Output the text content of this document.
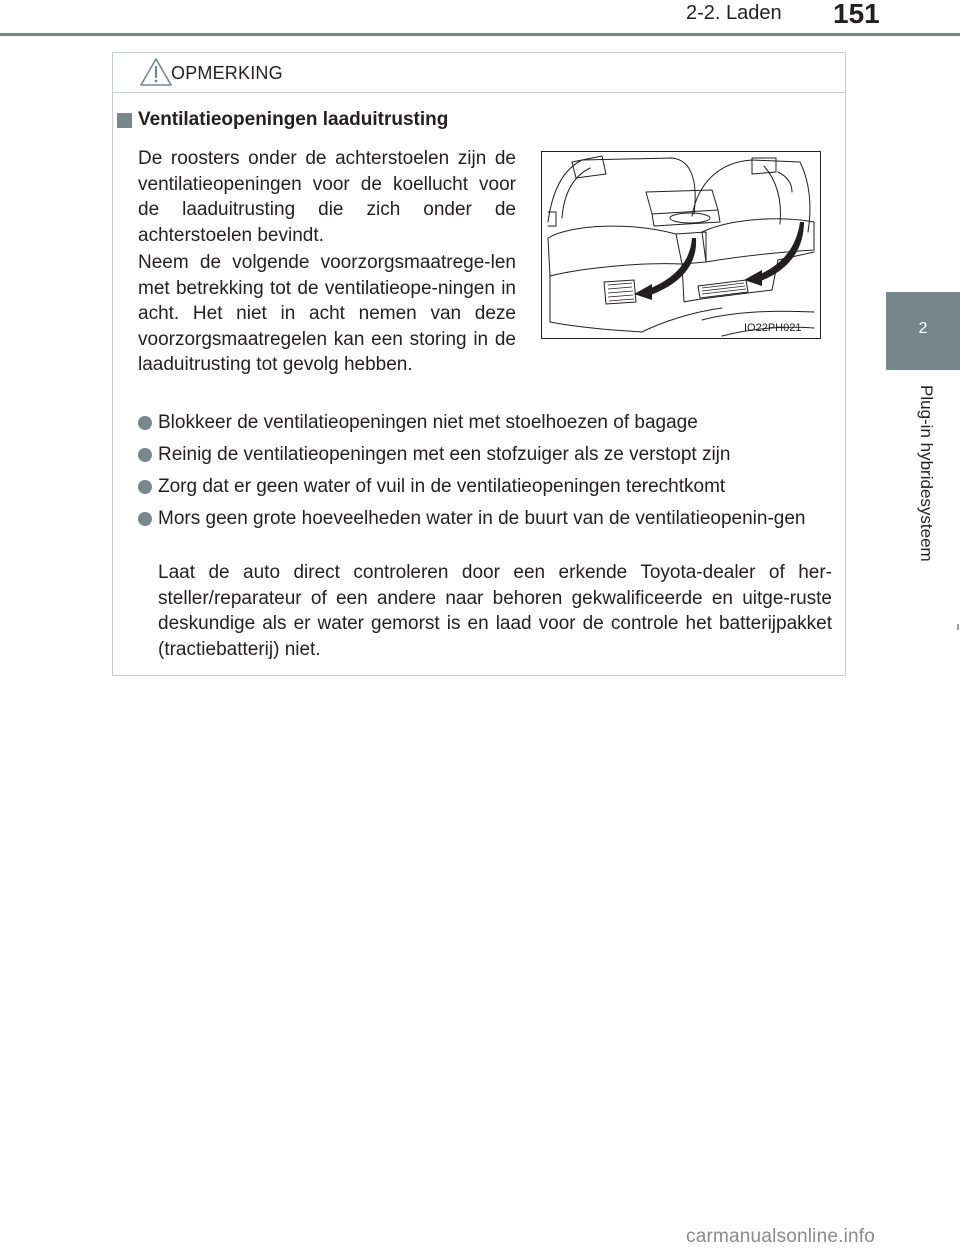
2-2. Laden 151
2
Plug-in hybridesysteem
OPMERKING
Ventilatieopeningen laaduitrusting

De roosters onder de achterstoelen zijn de ventilatieopeningen voor de koellucht voor de laaduitrusting die zich onder de achterstoelen bevindt.

Neem de volgende voorzorgsmaatrege-len met betrekking tot de ventilatieope-ningen in acht. Het niet in acht nemen van deze voorzorgsmaatregelen kan een storing in de laaduitrusting tot gevolg hebben.

IO22PH021
Blokkeer de ventilatieopeningen niet met stoelhoezen of bagage
Reinig de ventilatieopeningen met een stofzuiger als ze verstopt zijn
Zorg dat er geen water of vuil in de ventilatieopeningen terechtkomt
Mors geen grote hoeveelheden water in de buurt van de ventilatieopenin-gen

Laat de auto direct controleren door een erkende Toyota-dealer of her-steller/reparateur of een andere naar behoren gekwalificeerde en uitge-ruste deskundige als er water gemorst is en laad voor de controle het batterijpakket (tractiebatterij) niet.

carmanualsonline.info
